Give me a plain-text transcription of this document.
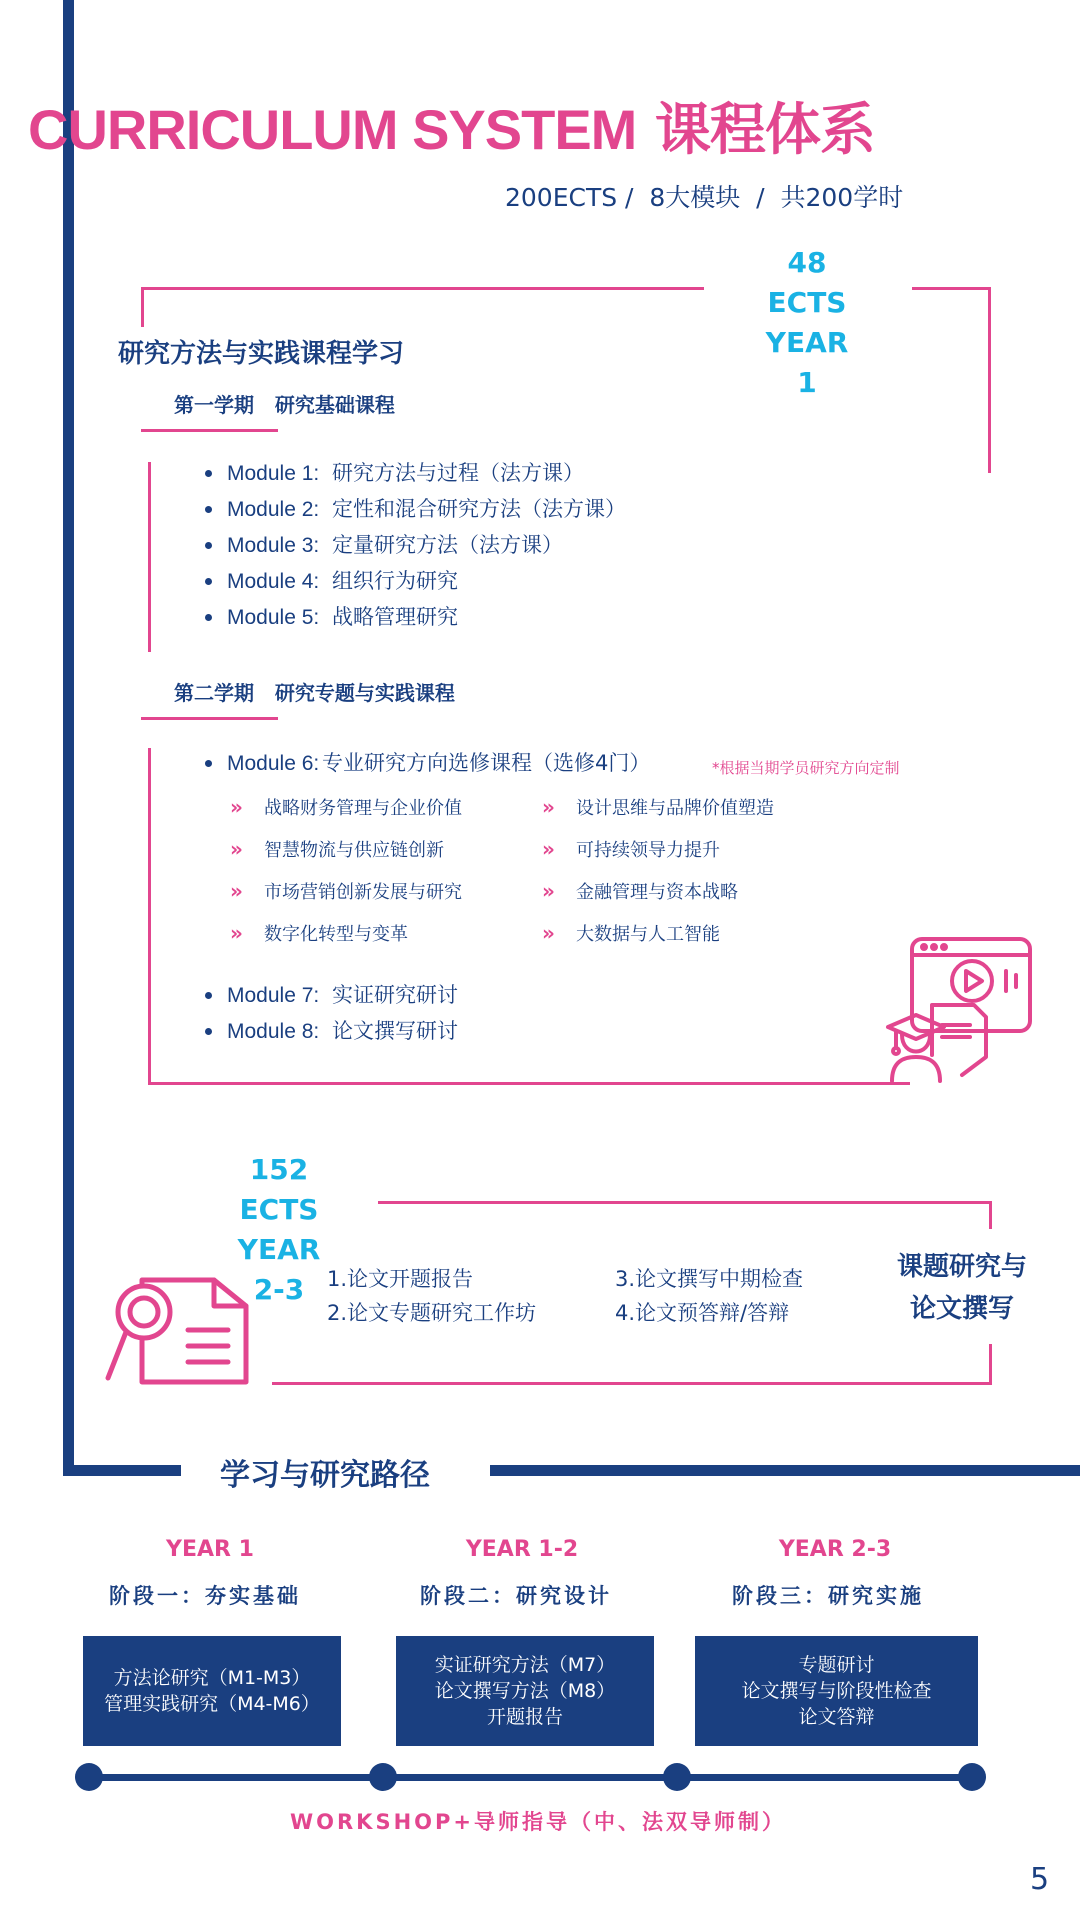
CURRICULUM SYSTEM 课程体系
200ECTS /  8大模块  /  共200学时
48 ECTS
YEAR 1
研究方法与实践课程学习
第一学期   研究基础课程
Module 1: 研究方法与过程（法方课）
Module 2: 定性和混合研究方法（法方课）
Module 3: 定量研究方法（法方课）
Module 4: 组织行为研究
Module 5: 战略管理研究
第二学期   研究专题与实践课程
Module 6: 专业研究方向选修课程（选修4门）	*根据当期学员研究方向定制
» 战略财务管理与企业价值
» 智慧物流与供应链创新
» 市场营销创新发展与研究
» 数字化转型与变革
» 设计思维与品牌价值塑造
» 可持续领导力提升
» 金融管理与资本战略
» 大数据与人工智能
Module 7: 实证研究研讨
Module 8: 论文撰写研讨
152 ECTS
YEAR 2-3	1.论文开题报告
2.论文专题研究工作坊
3.论文撰写中期检查
4.论文预答辩/答辩
课题研究与
论文撰写
学习与研究路径
YEAR 1	YEAR 1-2	YEAR 2-3
阶段一：夯实基础	阶段二：研究设计	阶段三：研究实施
方法论研究（M1-M3）
管理实践研究（M4-M6）
实证研究方法（M7）
论文撰写方法（M8）
开题报告
专题研讨
论文撰写与阶段性检查
论文答辩
WORKSHOP+导师指导（中、法双导师制）
5
